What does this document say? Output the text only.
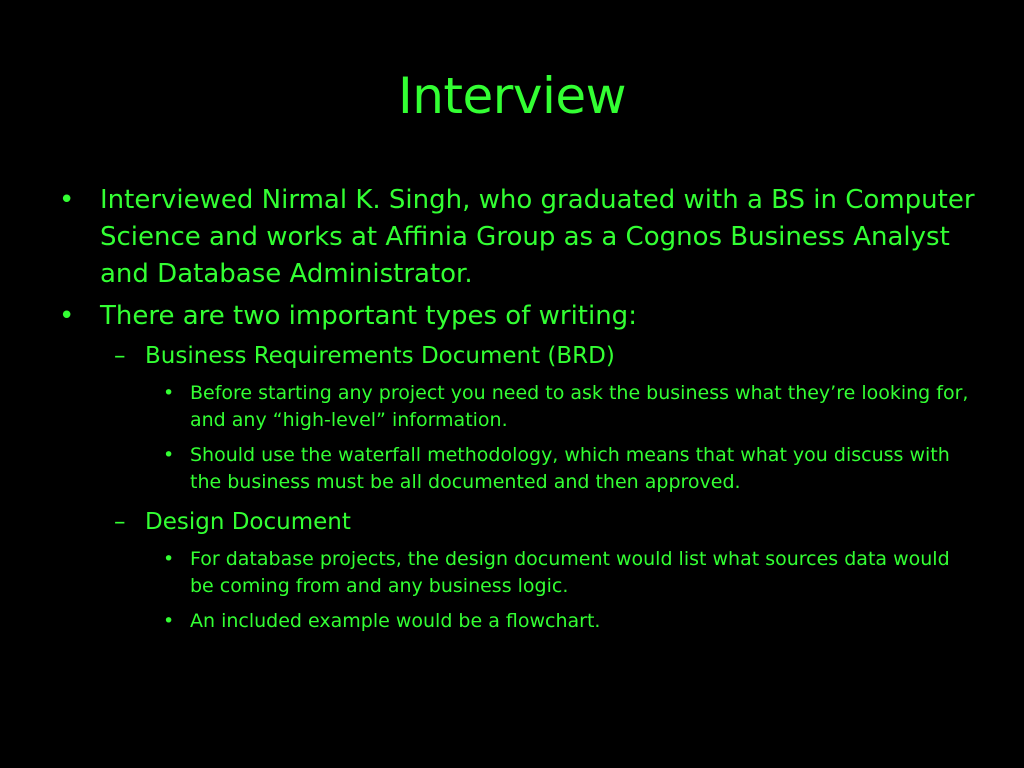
Interview
• Interviewed Nirmal K. Singh, who graduated with a BS in Computer Science and works at Affinia Group as a Cognos Business Analyst and Database Administrator.
• There are two important types of writing:
– Business Requirements Document (BRD)
• Before starting any project you need to ask the business what they’re looking for, and any “high-level” information.
• Should use the waterfall methodology, which means that what you discuss with the business must be all documented and then approved.
– Design Document
• For database projects, the design document would list what sources data would be coming from and any business logic.
• An included example would be a flowchart.
